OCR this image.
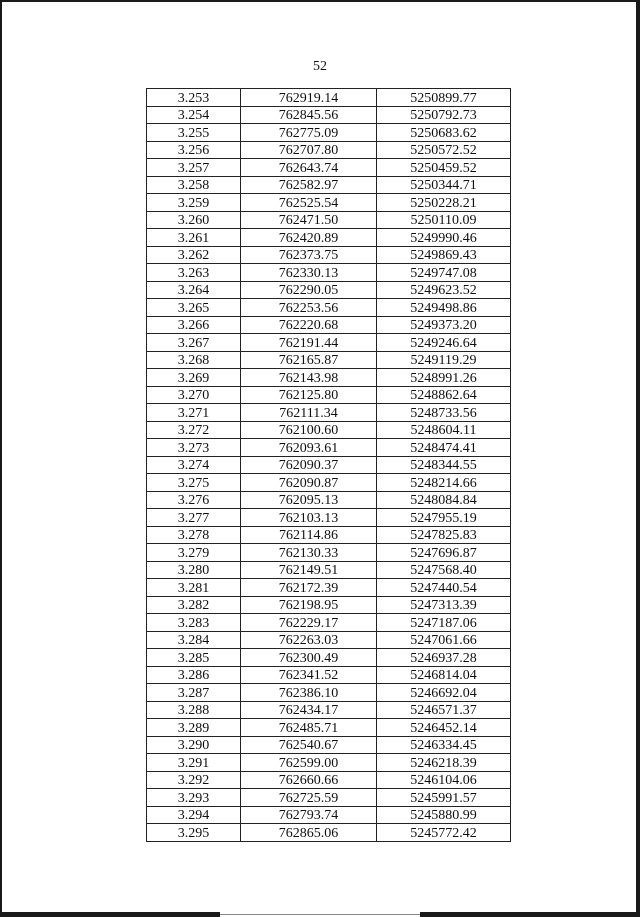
52
3.253	762919.14	5250899.77
3.254	762845.56	5250792.73
3.255	762775.09	5250683.62
3.256	762707.80	5250572.52
3.257	762643.74	5250459.52
3.258	762582.97	5250344.71
3.259	762525.54	5250228.21
3.260	762471.50	5250110.09
3.261	762420.89	5249990.46
3.262	762373.75	5249869.43
3.263	762330.13	5249747.08
3.264	762290.05	5249623.52
3.265	762253.56	5249498.86
3.266	762220.68	5249373.20
3.267	762191.44	5249246.64
3.268	762165.87	5249119.29
3.269	762143.98	5248991.26
3.270	762125.80	5248862.64
3.271	762111.34	5248733.56
3.272	762100.60	5248604.11
3.273	762093.61	5248474.41
3.274	762090.37	5248344.55
3.275	762090.87	5248214.66
3.276	762095.13	5248084.84
3.277	762103.13	5247955.19
3.278	762114.86	5247825.83
3.279	762130.33	5247696.87
3.280	762149.51	5247568.40
3.281	762172.39	5247440.54
3.282	762198.95	5247313.39
3.283	762229.17	5247187.06
3.284	762263.03	5247061.66
3.285	762300.49	5246937.28
3.286	762341.52	5246814.04
3.287	762386.10	5246692.04
3.288	762434.17	5246571.37
3.289	762485.71	5246452.14
3.290	762540.67	5246334.45
3.291	762599.00	5246218.39
3.292	762660.66	5246104.06
3.293	762725.59	5245991.57
3.294	762793.74	5245880.99
3.295	762865.06	5245772.42
